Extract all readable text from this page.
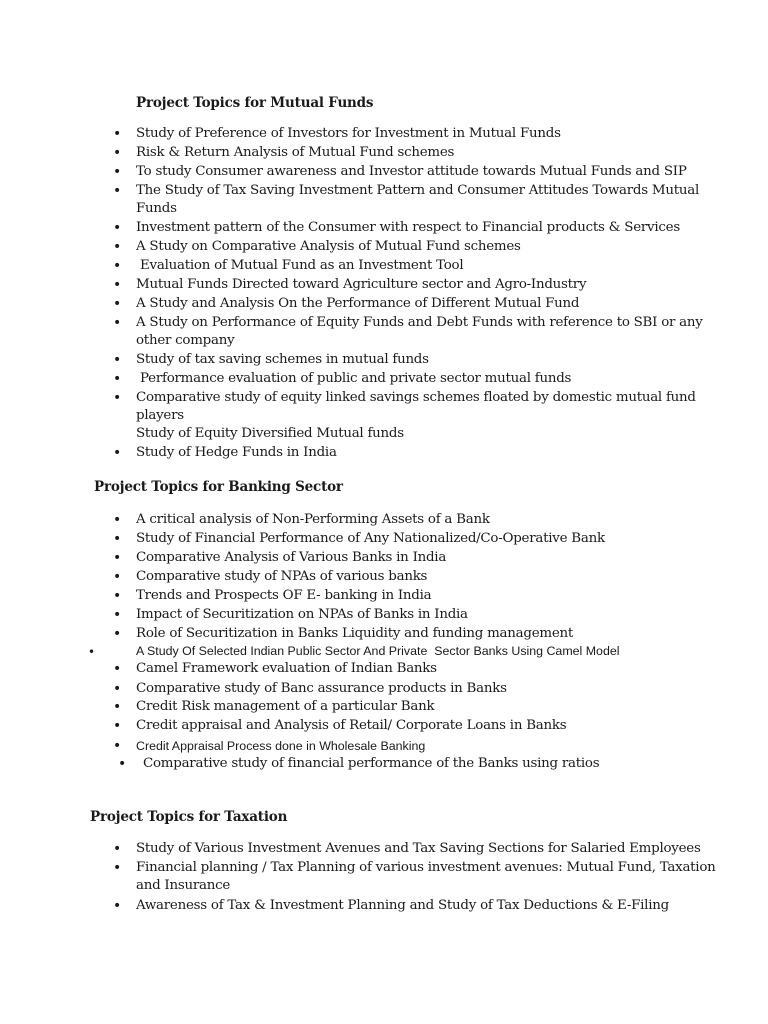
Project Topics for Mutual Funds
• Study of Preference of Investors for Investment in Mutual Funds
• Risk & Return Analysis of Mutual Fund schemes
• To study Consumer awareness and Investor attitude towards Mutual Funds and SIP
• The Study of Tax Saving Investment Pattern and Consumer Attitudes Towards Mutual
Funds
• Investment pattern of the Consumer with respect to Financial products & Services
• A Study on Comparative Analysis of Mutual Fund schemes
• Evaluation of Mutual Fund as an Investment Tool
• Mutual Funds Directed toward Agriculture sector and Agro-Industry
• A Study and Analysis On the Performance of Different Mutual Fund
• A Study on Performance of Equity Funds and Debt Funds with reference to SBI or any
other company
• Study of tax saving schemes in mutual funds
• Performance evaluation of public and private sector mutual funds
• Comparative study of equity linked savings schemes floated by domestic mutual fund
players
Study of Equity Diversified Mutual funds
• Study of Hedge Funds in India
Project Topics for Banking Sector
• A critical analysis of Non-Performing Assets of a Bank
• Study of Financial Performance of Any Nationalized/Co-Operative Bank
• Comparative Analysis of Various Banks in India
• Comparative study of NPAs of various banks
• Trends and Prospects OF E- banking in India
• Impact of Securitization on NPAs of Banks in India
• Role of Securitization in Banks Liquidity and funding management
•	A Study Of Selected Indian Public Sector And Private  Sector Banks Using Camel Model
• Camel Framework evaluation of Indian Banks
• Comparative study of Banc assurance products in Banks
• Credit Risk management of a particular Bank
• Credit appraisal and Analysis of Retail/ Corporate Loans in Banks
• Credit Appraisal Process done in Wholesale Banking
• Comparative study of financial performance of the Banks using ratios
Project Topics for Taxation
• Study of Various Investment Avenues and Tax Saving Sections for Salaried Employees
• Financial planning / Tax Planning of various investment avenues: Mutual Fund, Taxation
and Insurance
• Awareness of Tax & Investment Planning and Study of Tax Deductions & E-Filing
